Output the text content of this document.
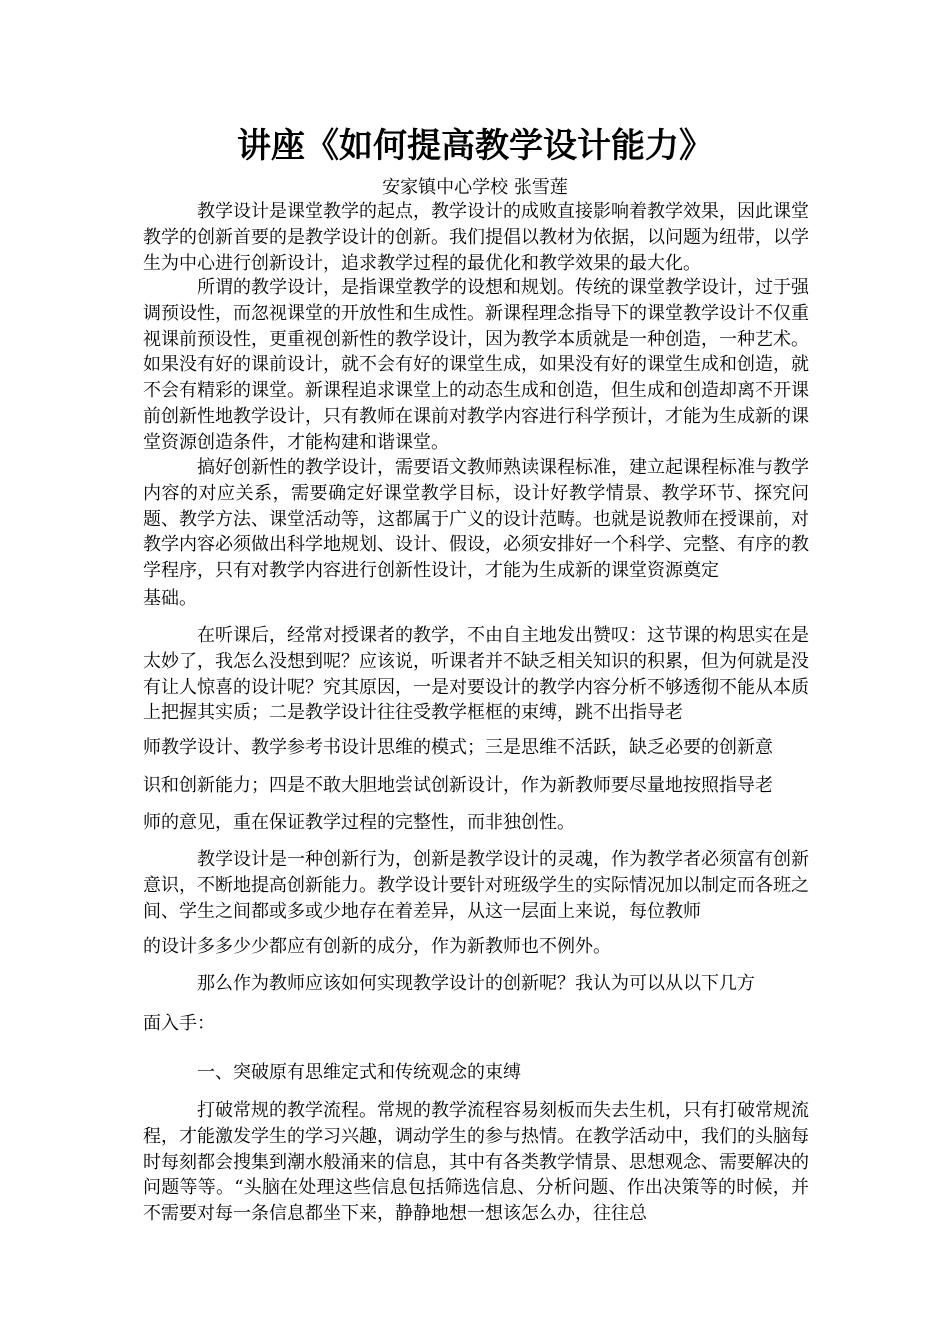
讲座《如何提高教学设计能力》
安家镇中心学校 张雪莲
教学设计是课堂教学的起点，教学设计的成败直接影响着教学效果，因此课堂教学的创新首要的是教学设计的创新。我们提倡以教材为依据，以问题为纽带，以学生为中心进行创新设计，追求教学过程的最优化和教学效果的最大化。
所谓的教学设计，是指课堂教学的设想和规划。传统的课堂教学设计，过于强调预设性，而忽视课堂的开放性和生成性。新课程理念指导下的课堂教学设计不仅重视课前预设性，更重视创新性的教学设计，因为教学本质就是一种创造，一种艺术。如果没有好的课前设计，就不会有好的课堂生成，如果没有好的课堂生成和创造，就不会有精彩的课堂。新课程追求课堂上的动态生成和创造，但生成和创造却离不开课前创新性地教学设计，只有教师在课前对教学内容进行科学预计，才能为生成新的课堂资源创造条件，才能构建和谐课堂。
搞好创新性的教学设计，需要语文教师熟读课程标准，建立起课程标准与教学内容的对应关系，需要确定好课堂教学目标，设计好教学情景、教学环节、探究问题、教学方法、课堂活动等，这都属于广义的设计范畴。也就是说教师在授课前，对教学内容必须做出科学地规划、设计、假设，必须安排好一个科学、完整、有序的教学程序，只有对教学内容进行创新性设计，才能为生成新的课堂资源奠定
基础。
在听课后，经常对授课者的教学，不由自主地发出赞叹：这节课的构思实在是太妙了，我怎么没想到呢？应该说，听课者并不缺乏相关知识的积累，但为何就是没有让人惊喜的设计呢？究其原因，一是对要设计的教学内容分析不够透彻不能从本质上把握其实质；二是教学设计往往受教学框框的束缚，跳不出指导老
师教学设计、教学参考书设计思维的模式；三是思维不活跃，缺乏必要的创新意
识和创新能力；四是不敢大胆地尝试创新设计，作为新教师要尽量地按照指导老
师的意见，重在保证教学过程的完整性，而非独创性。
教学设计是一种创新行为，创新是教学设计的灵魂，作为教学者必须富有创新意识，不断地提高创新能力。教学设计要针对班级学生的实际情况加以制定而各班之间、学生之间都或多或少地存在着差异，从这一层面上来说，每位教师
的设计多多少少都应有创新的成分，作为新教师也不例外。
那么作为教师应该如何实现教学设计的创新呢？我认为可以从以下几方
面入手：
一、突破原有思维定式和传统观念的束缚
打破常规的教学流程。常规的教学流程容易刻板而失去生机，只有打破常规流程，才能激发学生的学习兴趣，调动学生的参与热情。在教学活动中，我们的头脑每时每刻都会搜集到潮水般涌来的信息，其中有各类教学情景、思想观念、需要解决的问题等等。“头脑在处理这些信息包括筛选信息、分析问题、作出决策等的时候，并不需要对每一条信息都坐下来，静静地想一想该怎么办，往往总
